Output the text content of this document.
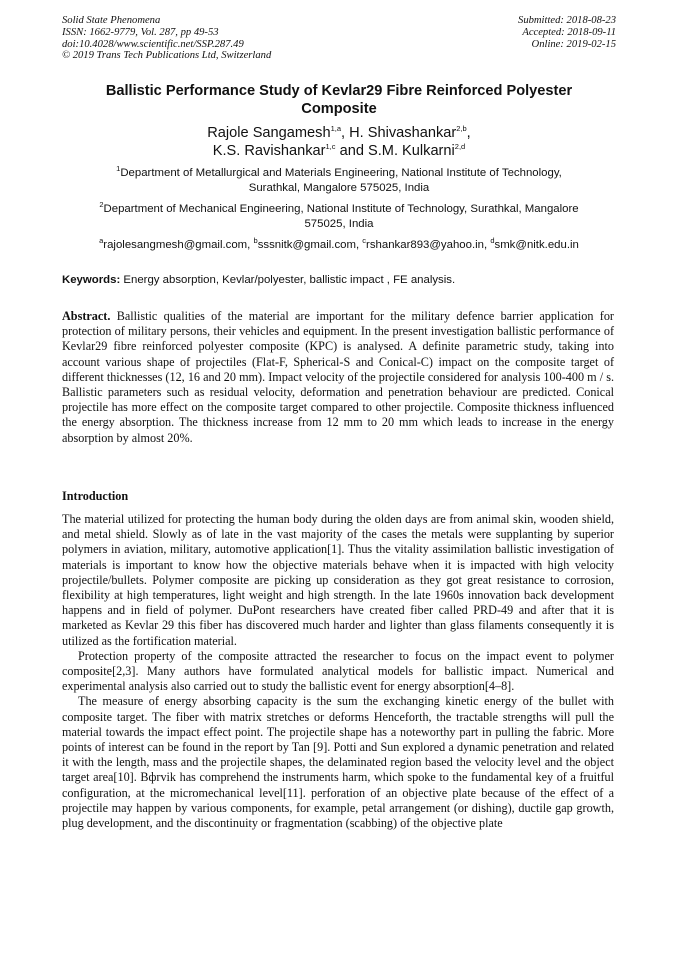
Solid State Phenomena
ISSN: 1662-9779, Vol. 287, pp 49-53
doi:10.4028/www.scientific.net/SSP.287.49
© 2019 Trans Tech Publications Ltd, Switzerland
Submitted: 2018-08-23
Accepted: 2018-09-11
Online: 2019-02-15
Ballistic Performance Study of Kevlar29 Fibre Reinforced Polyester
Composite
Rajole Sangamesh$^{1,a}$, H. Shivashankar$^{2,b}$,
K.S. Ravishankar$^{1,c}$ and S.M. Kulkarni$^{2,d}$
$^1$Department of Metallurgical and Materials Engineering, National Institute of Technology,
Surathkal, Mangalore 575025, India
$^2$Department of Mechanical Engineering, National Institute of Technology, Surathkal, Mangalore
575025, India
$^a$rajolesangmesh@gmail.com, $^b$sssnitk@gmail.com, $^c$rshankar893@yahoo.in, $^d$smk@nitk.edu.in
Keywords: Energy absorption, Kevlar/polyester, ballistic impact , FE analysis.
Abstract. Ballistic qualities of the material are important for the military defence barrier application for protection of military persons, their vehicles and equipment. In the present investigation ballistic performance of Kevlar29 fibre reinforced polyester composite (KPC) is analysed. A definite parametric study, taking into account various shape of projectiles (Flat-F, Spherical-S and Conical-C) impact on the composite target of different thicknesses (12, 16 and 20 mm). Impact velocity of the projectile considered for analysis 100-400 m / s. Ballistic parameters such as residual velocity, deformation and penetration behaviour are predicted. Conical projectile has more effect on the composite target compared to other projectile. Composite thickness influenced the energy absorption. The thickness increase from 12 mm to 20 mm which leads to increase in the energy absorption by almost 20%.
Introduction

The material utilized for protecting the human body during the olden days are from animal skin, wooden shield, and metal shield. Slowly as of late in the vast majority of the cases the metals were supplanting by superior polymers in aviation, military, automotive application[1]. Thus the vitality assimilation ballistic investigation of materials is important to know how the objective materials behave when it is impacted with high velocity projectile/bullets. Polymer composite are picking up consideration as they got great resistance to corrosion, flexibility at high temperatures, light weight and high strength. In the late 1960s innovation back development happens and in field of polymer. DuPont researchers have created fiber called PRD-49 and after that it is marketed as Kevlar 29 this fiber has discovered much harder and lighter than glass filaments consequently it is utilized as the fortification material.

Protection property of the composite attracted the researcher to focus on the impact event to polymer composite[2,3]. Many authors have formulated analytical models for ballistic impact. Numerical and experimental analysis also carried out to study the ballistic event for energy absorption[4–8].

The measure of energy absorbing capacity is the sum the exchanging kinetic energy of the bullet with composite target. The fiber with matrix stretches or deforms Henceforth, the tractable strengths will pull the material towards the impact effect point. The projectile shape has a noteworthy part in pulling the fabric. More points of interest can be found in the report by Tan [9]. Potti and Sun explored a dynamic penetration and related it with the length, mass and the projectile shapes, the delaminated region based the velocity level and the object target area[10]. Bфrvik has comprehend the instruments harm, which spoke to the fundamental key of a fruitful configuration, at the micromechanical level[11]. perforation of an objective plate because of the effect of a projectile may happen by various components, for example, petal arrangement (or dishing), ductile gap growth, plug development, and the discontinuity or fragmentation (scabbing) of the objective plate
